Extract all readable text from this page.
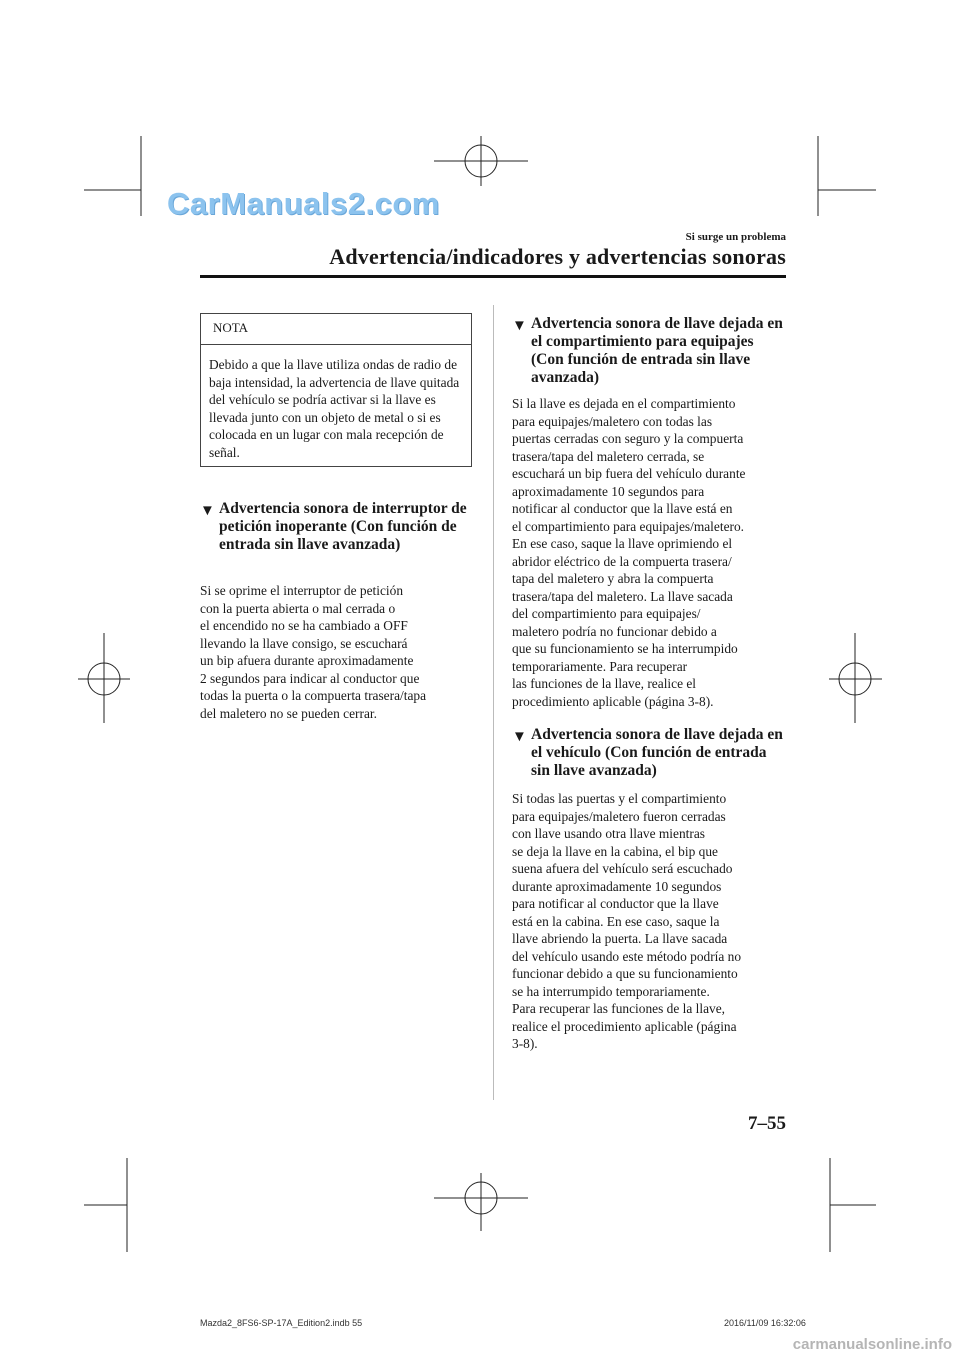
CarManuals2.com
Si surge un problema
Advertencia/indicadores y advertencias sonoras
NOTA
Debido a que la llave utiliza ondas de radio de baja intensidad, la advertencia de llave quitada del vehículo se podría activar si la llave es llevada junto con un objeto de metal o si es colocada en un lugar con mala recepción de señal.
▼ Advertencia sonora de interruptor de petición inoperante (Con función de entrada sin llave avanzada)
Si se oprime el interruptor de petición
con la puerta abierta o mal cerrada o
el encendido no se ha cambiado a OFF
llevando la llave consigo, se escuchará
un bip afuera durante aproximadamente
2 segundos para indicar al conductor que
todas la puerta o la compuerta trasera/tapa
del maletero no se pueden cerrar.
▼ Advertencia sonora de llave dejada en el compartimiento para equipajes (Con función de entrada sin llave avanzada)
Si la llave es dejada en el compartimiento
para equipajes/maletero con todas las
puertas cerradas con seguro y la compuerta
trasera/tapa del maletero cerrada, se
escuchará un bip fuera del vehículo durante
aproximadamente 10 segundos para
notificar al conductor que la llave está en
el compartimiento para equipajes/maletero.
En ese caso, saque la llave oprimiendo el
abridor eléctrico de la compuerta trasera/
tapa del maletero y abra la compuerta
trasera/tapa del maletero. La llave sacada
del compartimiento para equipajes/
maletero podría no funcionar debido a
que su funcionamiento se ha interrumpido
temporariamente. Para recuperar
las funciones de la llave, realice el
procedimiento aplicable (página 3-8).
▼ Advertencia sonora de llave dejada en el vehículo (Con función de entrada sin llave avanzada)
Si todas las puertas y el compartimiento
para equipajes/maletero fueron cerradas
con llave usando otra llave mientras
se deja la llave en la cabina, el bip que
suena afuera del vehículo será escuchado
durante aproximadamente 10 segundos
para notificar al conductor que la llave
está en la cabina. En ese caso, saque la
llave abriendo la puerta. La llave sacada
del vehículo usando este método podría no
funcionar debido a que su funcionamiento
se ha interrumpido temporariamente.
Para recuperar las funciones de la llave,
realice el procedimiento aplicable (página
3-8).
7–55
Mazda2_8FS6-SP-17A_Edition2.indb 55	2016/11/09 16:32:06
carmanualsonline.info
